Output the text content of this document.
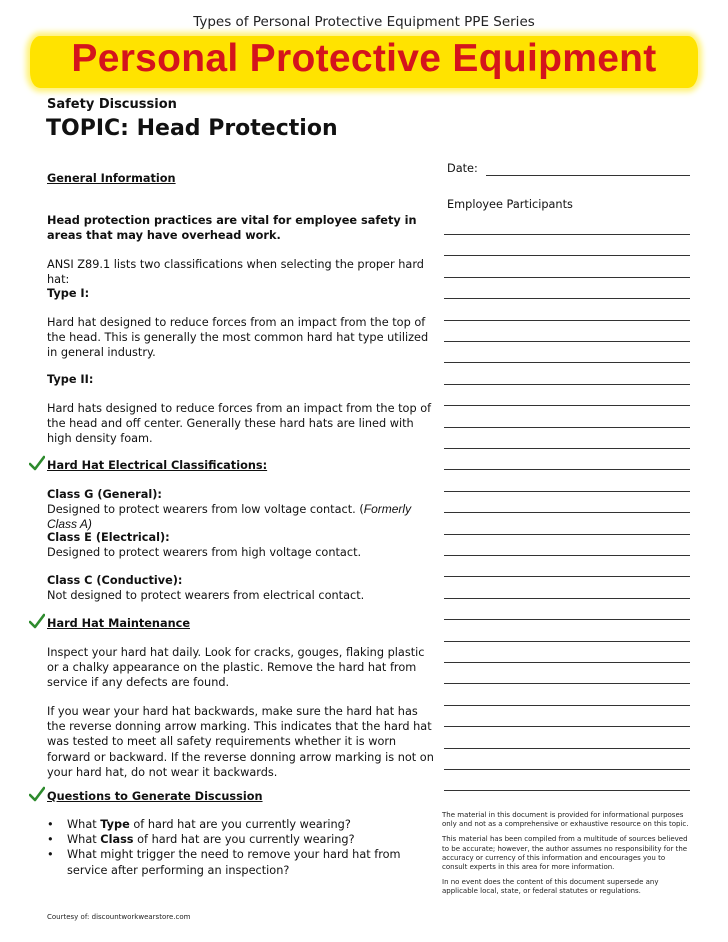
Types of Personal Protective Equipment PPE Series
Personal Protective Equipment
Safety Discussion
TOPIC: Head Protection

General Information

Head protection practices are vital for employee safety in areas that may have overhead work.

ANSI Z89.1 lists two classifications when selecting the proper hard hat:

Type I:

Hard hat designed to reduce forces from an impact from the top of the head. This is generally the most common hard hat type utilized in general industry.

Type II:

Hard hats designed to reduce forces from an impact from the top of the head and off center. Generally these hard hats are lined with high density foam.

Hard Hat Electrical Classifications:

Class G (General):

Designed to protect wearers from low voltage contact. (Formerly Class A)

Class E (Electrical):

Designed to protect wearers from high voltage contact.

Class C (Conductive):

Not designed to protect wearers from electrical contact.

Hard Hat Maintenance

Inspect your hard hat daily. Look for cracks, gouges, flaking plastic or a chalky appearance on the plastic. Remove the hard hat from service if any defects are found.

If you wear your hard hat backwards, make sure the hard hat has the reverse donning arrow marking. This indicates that the hard hat was tested to meet all safety requirements whether it is worn forward or backward. If the reverse donning arrow marking is not on your hard hat, do not wear it backwards.

Questions to Generate Discussion

• What Type of hard hat are you currently wearing?
• What Class of hard hat are you currently wearing?
• What might trigger the need to remove your hard hat from service after performing an inspection?
Date:
Employee Participants

The material in this document is provided for informational purposes only and not as a comprehensive or exhaustive resource on this topic.

This material has been compiled from a multitude of sources believed to be accurate; however, the author assumes no responsibility for the accuracy or currency of this information and encourages you to consult experts in this area for more information.

In no event does the content of this document supersede any applicable local, state, or federal statutes or regulations.

Courtesy of: discountworkwearstore.com
